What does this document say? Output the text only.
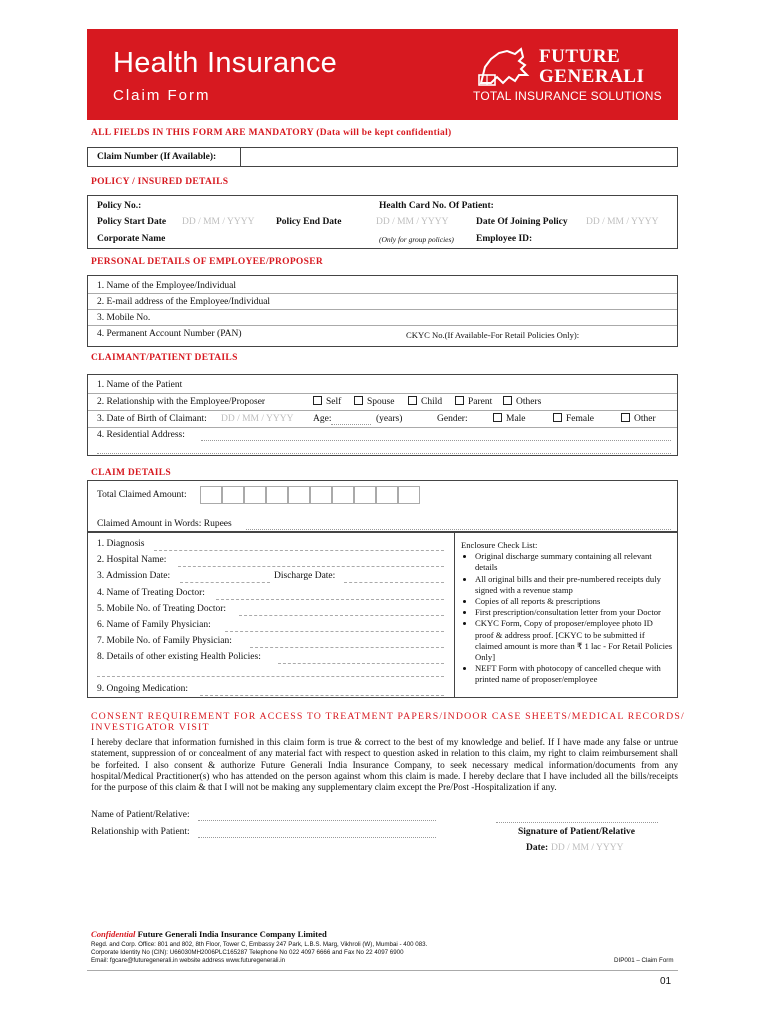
Health Insurance
Claim Form
FUTURE
GENERALI
TOTAL INSURANCE SOLUTIONS
ALL FIELDS IN THIS FORM ARE MANDATORY (Data will be kept confidential)
Claim Number (If Available):
POLICY / INSURED DETAILS
Policy No.:	Health Card No. Of Patient:
Policy Start Date DD / MM / YYYY Policy End Date	DD / MM / YYYY	Date Of Joining Policy DD / MM / YYYY
Corporate Name	(Only for group policies) Employee ID:
PERSONAL DETAILS OF EMPLOYEE/PROPOSER
1. Name of the Employee/Individual
2. E-mail address of the Employee/Individual
3. Mobile No.
4. Permanent Account Number (PAN)	CKYC No.(If Available-For Retail Policies Only):
CLAIMANT/PATIENT DETAILS
1. Name of the Patient
2. Relationship with the Employee/Proposer	Self	Spouse	Child	Parent	Others
3. Date of Birth of Claimant: DD / MM / YYYY Age:	(years)	Gender:	Male	Female	Other
4. Residential Address:
CLAIM DETAILS
Total Claimed Amount:
Claimed Amount in Words: Rupees
1. Diagnosis
2. Hospital Name:
3. Admission Date:	Discharge Date:
4. Name of Treating Doctor:
5. Mobile No. of Treating Doctor:
6. Name of Family Physician:
7. Mobile No. of Family Physician:
8. Details of other existing Health Policies:
9. Ongoing Medication:
Enclosure Check List:
• Original discharge summary containing all relevant details
• All original bills and their pre-numbered receipts duly signed with a revenue stamp
• Copies of all reports & prescriptions
• First prescription/consultation letter from your Doctor
• CKYC Form, Copy of proposer/employee photo ID proof & address proof. [CKYC to be submitted if claimed amount is more than ₹ 1 lac - For Retail Policies Only]
• NEFT Form with photocopy of cancelled cheque with printed name of proposer/employee
CONSENT REQUIREMENT FOR ACCESS TO TREATMENT PAPERS/INDOOR CASE SHEETS/MEDICAL RECORDS/
INVESTIGATOR VISIT
I hereby declare that information furnished in this claim form is true & correct to the best of my knowledge and belief. If I have made any false or untrue statement, suppression of or concealment of any material fact with respect to question asked in relation to this claim, my right to claim reimbursement shall be forfeited. I also consent & authorize Future Generali India Insurance Company, to seek necessary medical information/documents from any hospital/Medical Practitioner(s) who has attended on the person against whom this claim is made. I hereby declare that I have included all the bills/receipts for the purpose of this claim & that I will not be making any supplementary claim except the Pre/Post -Hospitalization if any.
Name of Patient/Relative:
Relationship with Patient:	Signature of Patient/Relative
Date: DD / MM / YYYY
Confidential Future Generali India Insurance Company Limited
Regd. and Corp. Office: 801 and 802, 8th Floor, Tower C, Embassy 247 Park, L.B.S. Marg, Vikhroli (W), Mumbai - 400 083.
Corporate Identity No (CIN): U66030MH2006PLC165287 Telephone No 022 4097 6666 and Fax No 22 4097 6900
Email: fgcare@futuregenerali.in website address www.futuregenerali.in	DIP001 – Claim Form
01
